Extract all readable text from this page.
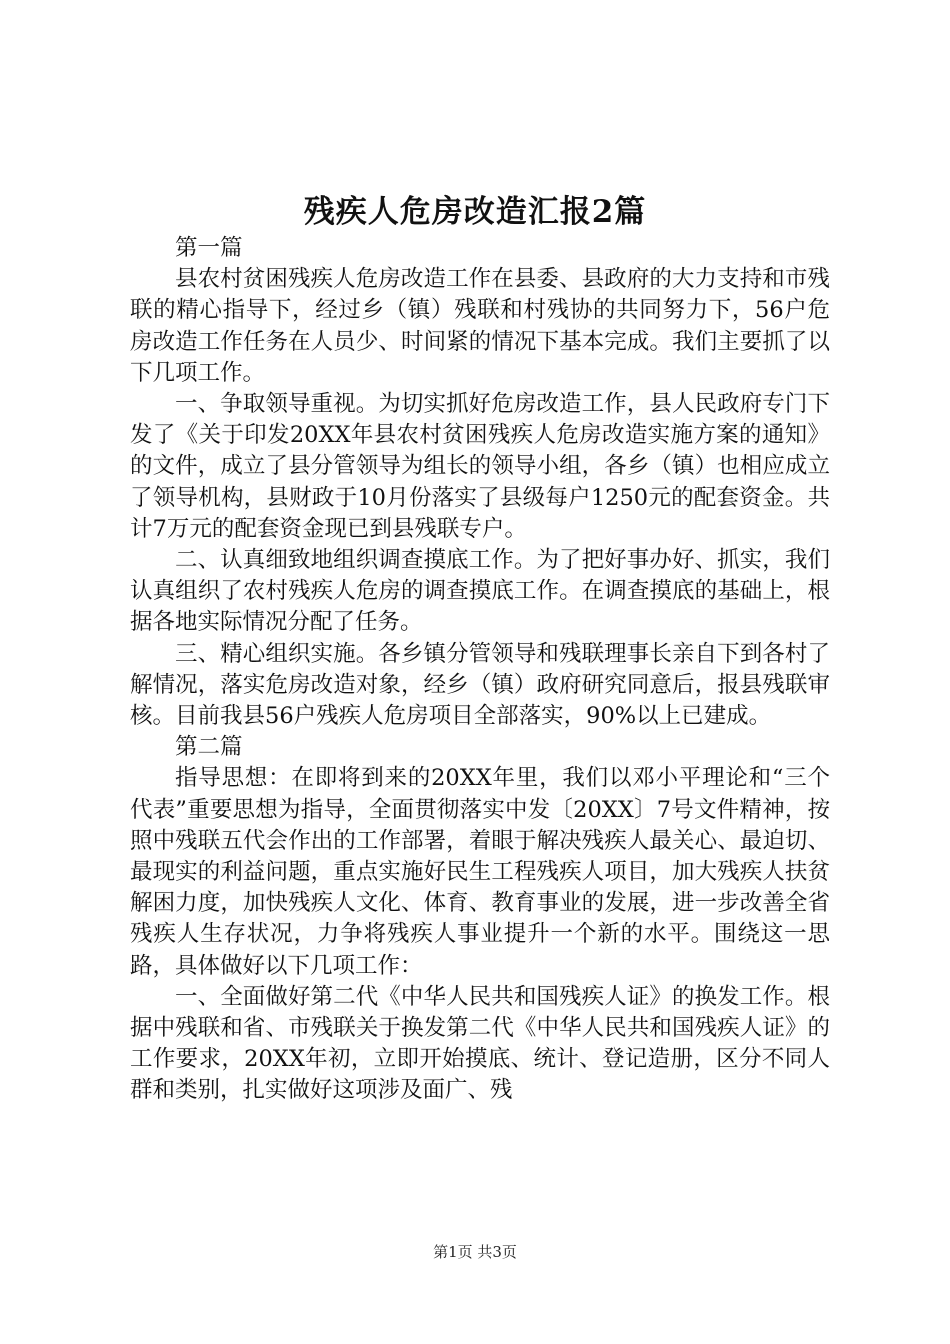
残疾人危房改造汇报2篇

第一篇

县农村贫困残疾人危房改造工作在县委、县政府的大力支持和市残联的精心指导下，经过乡（镇）残联和村残协的共同努力下，56户危房改造工作任务在人员少、时间紧的情况下基本完成。我们主要抓了以下几项工作。

一、争取领导重视。为切实抓好危房改造工作，县人民政府专门下发了《关于印发20XX年县农村贫困残疾人危房改造实施方案的通知》的文件，成立了县分管领导为组长的领导小组，各乡（镇）也相应成立了领导机构，县财政于10月份落实了县级每户1250元的配套资金。共计7万元的配套资金现已到县残联专户。

二、认真细致地组织调查摸底工作。为了把好事办好、抓实，我们认真组织了农村残疾人危房的调查摸底工作。在调查摸底的基础上，根据各地实际情况分配了任务。

三、精心组织实施。各乡镇分管领导和残联理事长亲自下到各村了解情况，落实危房改造对象，经乡（镇）政府研究同意后，报县残联审核。目前我县56户残疾人危房项目全部落实，90%以上已建成。

第二篇

指导思想：在即将到来的20XX年里，我们以邓小平理论和“三个代表”重要思想为指导，全面贯彻落实中发〔20XX〕7号文件精神，按照中残联五代会作出的工作部署，着眼于解决残疾人最关心、最迫切、最现实的利益问题，重点实施好民生工程残疾人项目，加大残疾人扶贫解困力度，加快残疾人文化、体育、教育事业的发展，进一步改善全省残疾人生存状况，力争将残疾人事业提升一个新的水平。围绕这一思路，具体做好以下几项工作：

一、全面做好第二代《中华人民共和国残疾人证》的换发工作。根据中残联和省、市残联关于换发第二代《中华人民共和国残疾人证》的工作要求，20XX年初，立即开始摸底、统计、登记造册，区分不同人群和类别，扎实做好这项涉及面广、残

第1页 共3页
